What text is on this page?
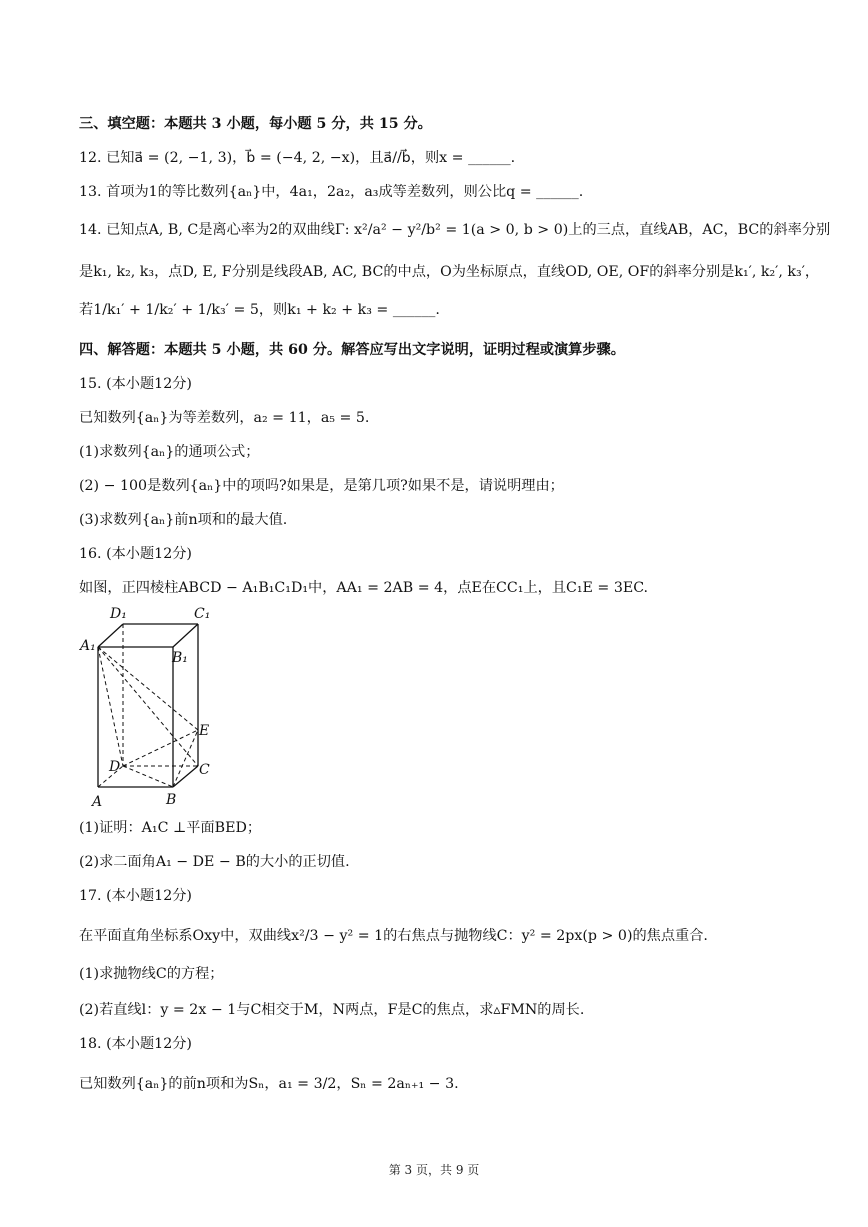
三、填空题：本题共 3 小题，每小题 5 分，共 15 分。
12. 已知a⃗ = (2, −1, 3)，b⃗ = (−4, 2, −x)，且a⃗//b⃗，则x = ______.
13. 首项为1的等比数列{aₙ}中，4a₁，2a₂，a₃成等差数列，则公比q = ______.
14. 已知点A, B, C是离心率为2的双曲线Γ: x²/a² − y²/b² = 1(a > 0, b > 0)上的三点，直线AB，AC，BC的斜率分别
是k₁, k₂, k₃，点D, E, F分别是线段AB, AC, BC的中点，O为坐标原点，直线OD, OE, OF的斜率分别是k₁′, k₂′, k₃′，
若1/k₁′ + 1/k₂′ + 1/k₃′ = 5，则k₁ + k₂ + k₃ = ______.
四、解答题：本题共 5 小题，共 60 分。解答应写出文字说明，证明过程或演算步骤。
15. (本小题12分)
已知数列{aₙ}为等差数列，a₂ = 11，a₅ = 5.
(1)求数列{aₙ}的通项公式；
(2) − 100是数列{aₙ}中的项吗?如果是，是第几项?如果不是，请说明理由；
(3)求数列{aₙ}前n项和的最大值.
16. (本小题12分)
如图，正四棱柱ABCD − A₁B₁C₁D₁中，AA₁ = 2AB = 4，点E在CC₁上，且C₁E = 3EC.
D₁	C₁
A₁
B₁
E
D	C
A	B
(1)证明：A₁C ⊥平面BED；
(2)求二面角A₁ − DE − B的大小的正切值.
17. (本小题12分)
在平面直角坐标系Oxy中，双曲线x²/3 − y² = 1的右焦点与抛物线C：y² = 2px(p > 0)的焦点重合.
(1)求抛物线C的方程；
(2)若直线l：y = 2x − 1与C相交于M，N两点，F是C的焦点，求▵FMN的周长.
18. (本小题12分)
已知数列{aₙ}的前n项和为Sₙ，a₁ = 3/2，Sₙ = 2aₙ₊₁ − 3.
第 3 页，共 9 页
